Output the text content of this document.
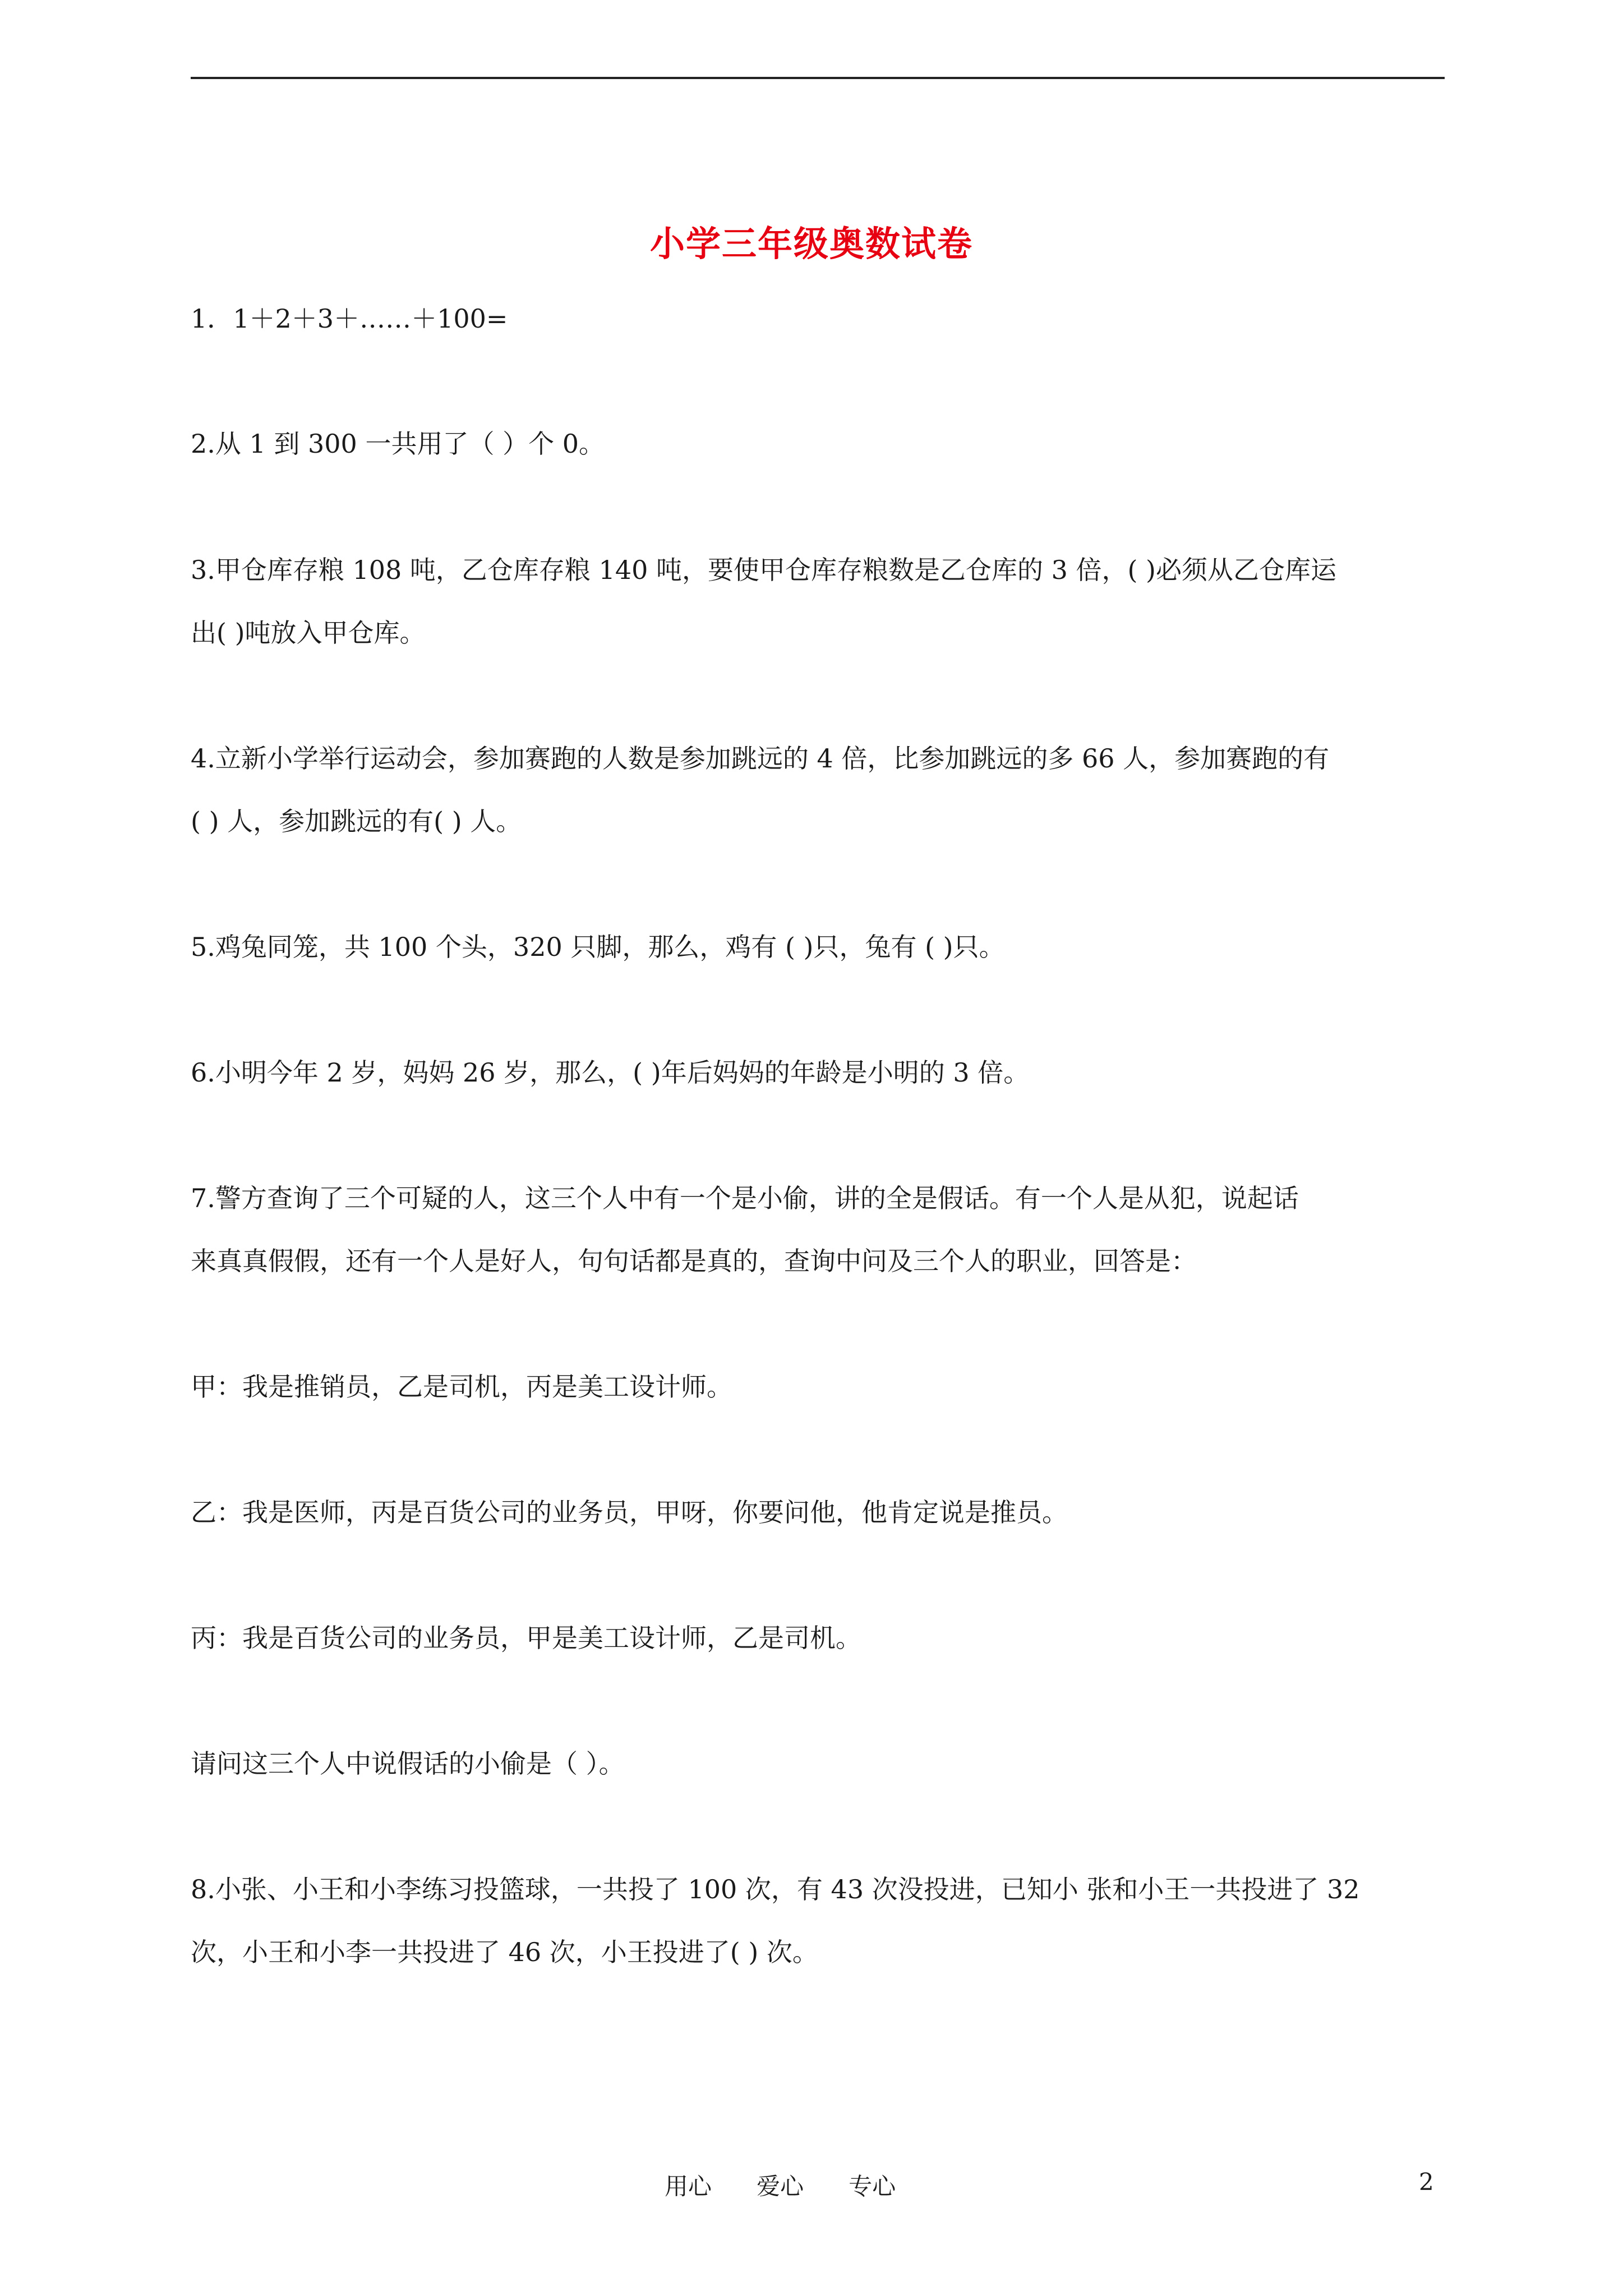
小学三年级奥数试卷

1．1＋2＋3＋……＋100=

2.从 1 到 300 一共用了（ ）个 0。

3.甲仓库存粮 108 吨，乙仓库存粮 140 吨，要使甲仓库存粮数是乙仓库的 3 倍，( )必须从乙仓库运

出( )吨放入甲仓库。

4.立新小学举行运动会，参加赛跑的人数是参加跳远的 4 倍，比参加跳远的多 66 人，参加赛跑的有

( ) 人，参加跳远的有( ) 人。

5.鸡兔同笼，共 100 个头，320 只脚，那么，鸡有 ( )只，兔有 ( )只。

6.小明今年 2 岁，妈妈 26 岁，那么，( )年后妈妈的年龄是小明的 3 倍。

7.警方查询了三个可疑的人，这三个人中有一个是小偷，讲的全是假话。有一个人是从犯，说起话

来真真假假，还有一个人是好人，句句话都是真的，查询中问及三个人的职业，回答是：

甲：我是推销员，乙是司机，丙是美工设计师。

乙：我是医师，丙是百货公司的业务员，甲呀，你要问他，他肯定说是推员。

丙：我是百货公司的业务员，甲是美工设计师，乙是司机。

请问这三个人中说假话的小偷是（ ）。

8.小张、小王和小李练习投篮球，一共投了 100 次，有 43 次没投进，已知小 张和小王一共投进了 32

次，小王和小李一共投进了 46 次，小王投进了( ) 次。

用心      爱心      专心	2
